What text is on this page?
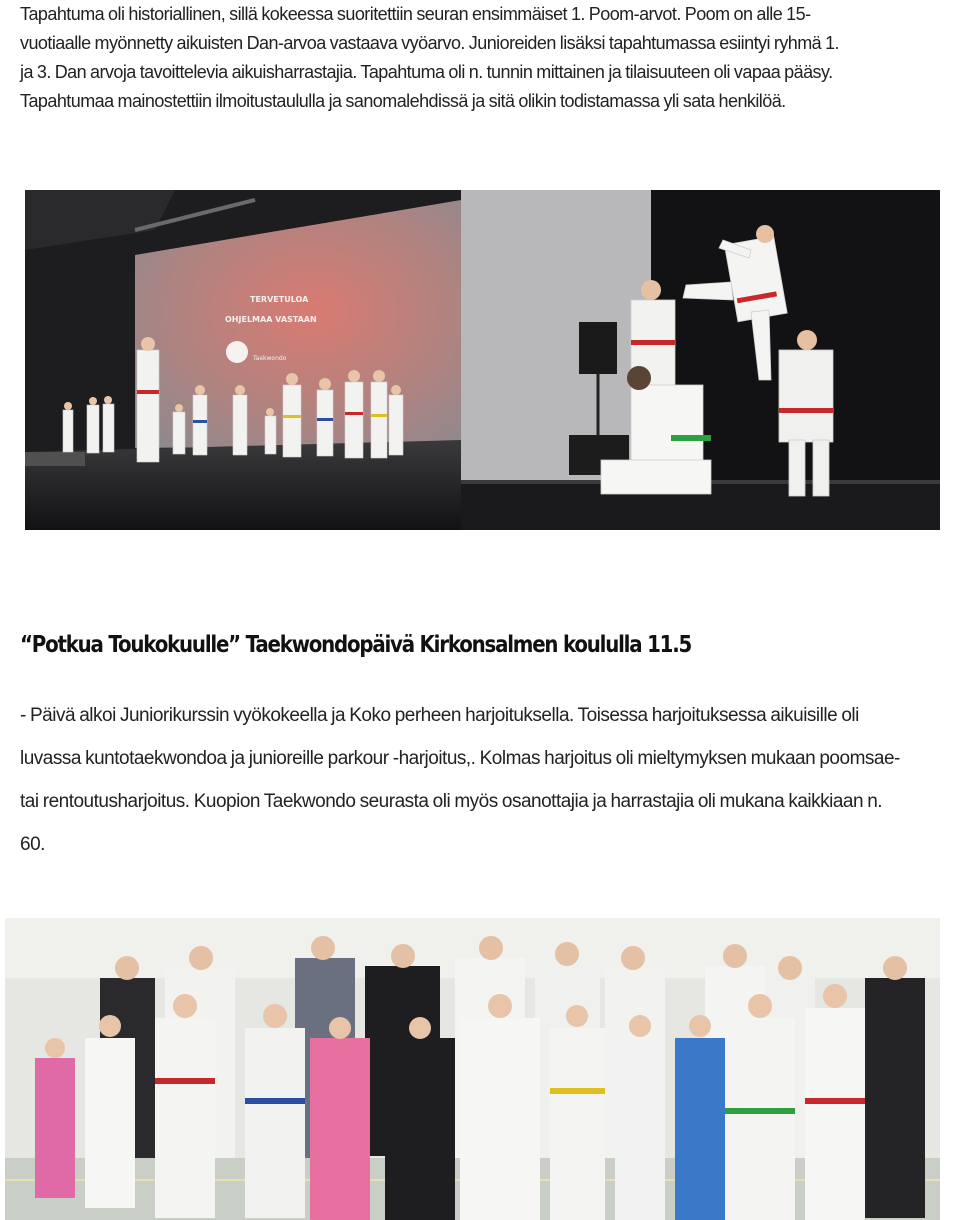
Tapahtuma oli historiallinen, sillä kokeessa suoritettiin seuran ensimmäiset 1. Poom-arvot. Poom on alle 15-
vuotiaalle myönnetty aikuisten Dan-arvoa vastaava vyöarvo. Junioreiden lisäksi tapahtumassa esiintyi ryhmä 1.
ja 3. Dan arvoja tavoittelevia aikuisharrastajia. Tapahtuma oli n. tunnin mittainen ja tilaisuuteen oli vapaa pääsy.
Tapahtumaa mainostettiin ilmoitustaululla ja sanomalehdissä ja sitä olikin todistamassa yli sata henkilöä.

TERVETULOA
OHJELMAA VASTAAN
Taekwondo
“Potkua Toukokuulle” Taekwondopäivä Kirkonsalmen koululla 11.5

- Päivä alkoi Juniorikurssin vyökokeella ja Koko perheen harjoituksella. Toisessa harjoituksessa aikuisille oli
luvassa kuntotaekwondoa ja junioreille parkour -harjoitus,. Kolmas harjoitus oli mieltymyksen mukaan poomsae-
tai rentoutusharjoitus. Kuopion Taekwondo seurasta oli myös osanottajia ja harrastajia oli mukana kaikkiaan n.
60.
